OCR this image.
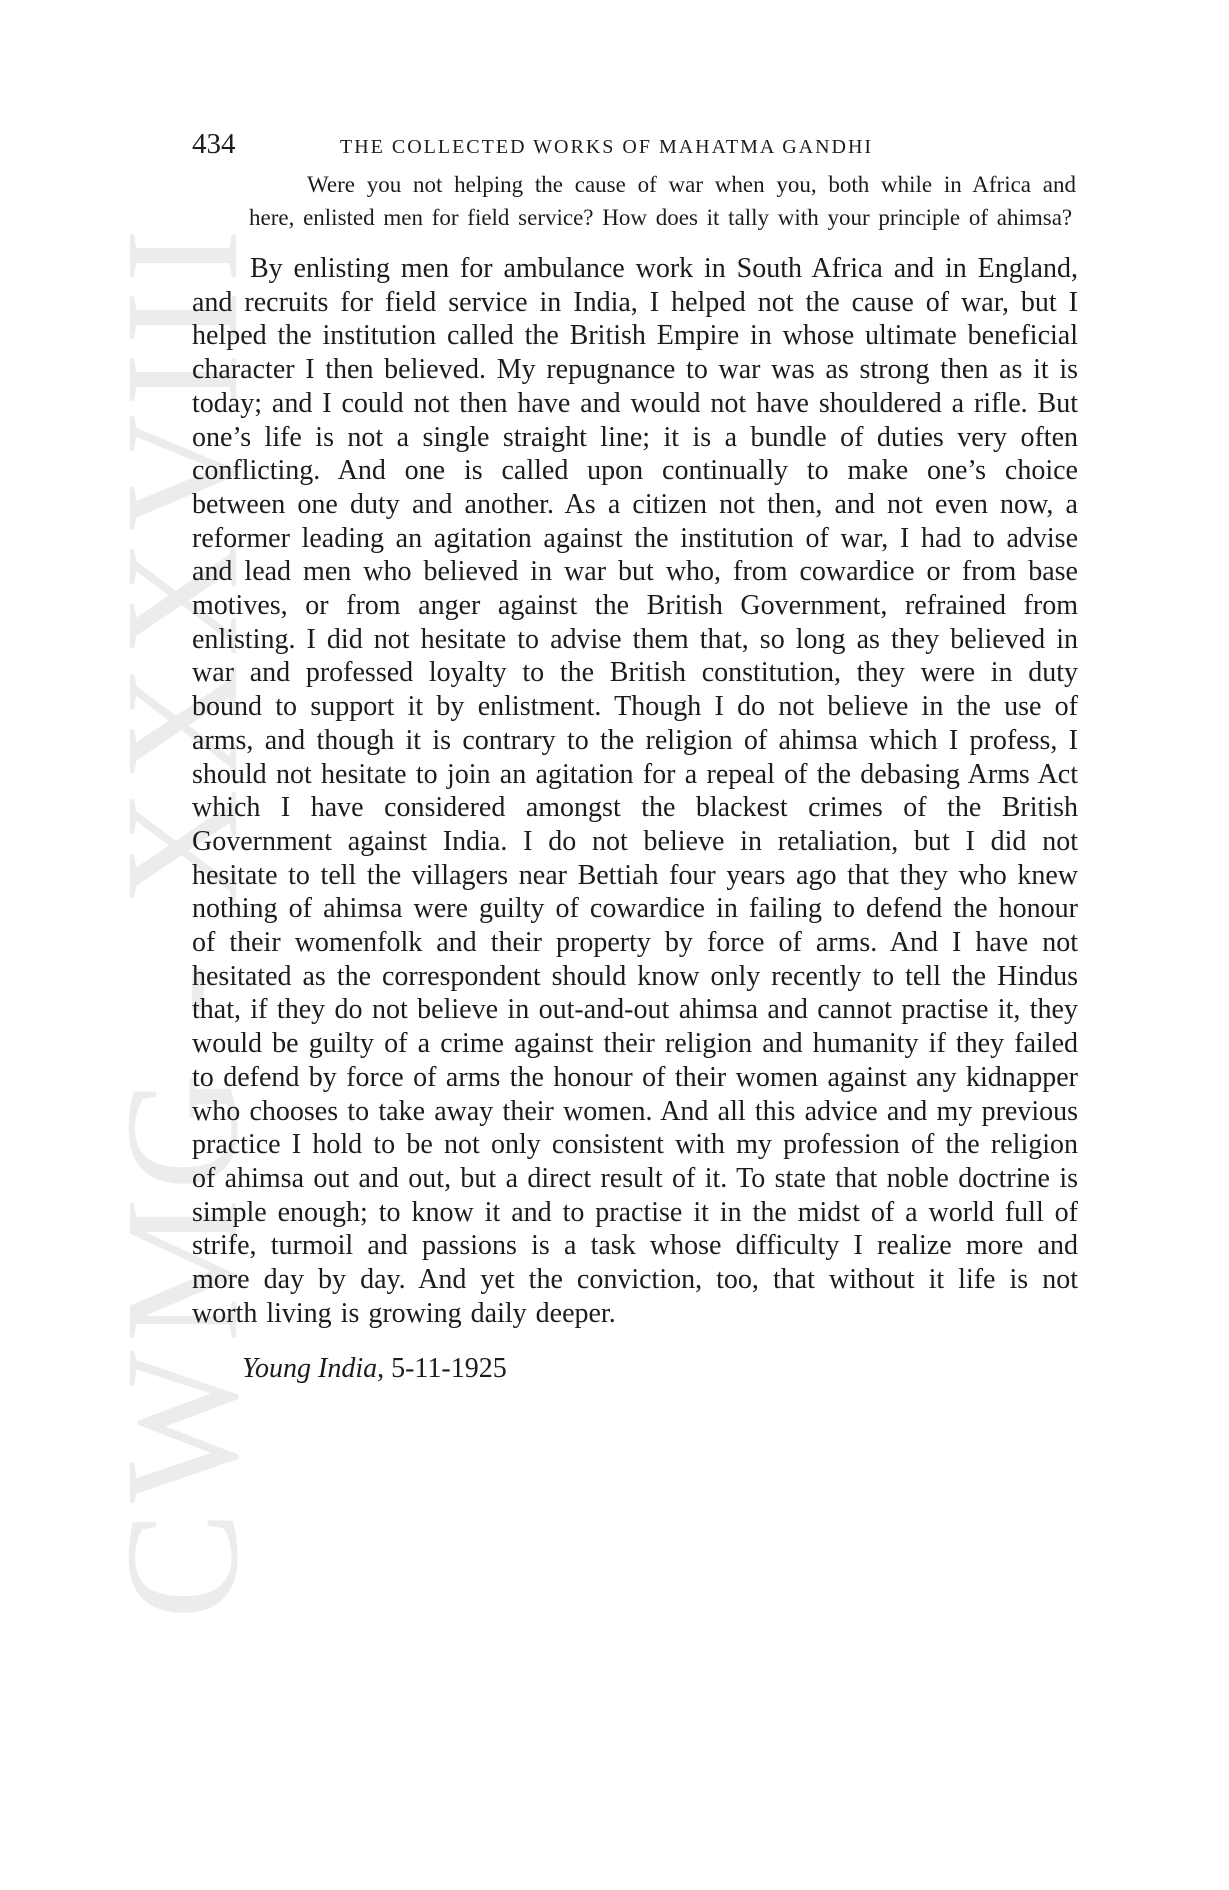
CWMG - XXXVIII
434	THE COLLECTED WORKS OF MAHATMA GANDHI

Were you not helping the cause of war when you, both while in Africa and here, enlisted men for field service? How does it tally with your principle of ahimsa?

By enlisting men for ambulance work in South Africa and in England, and recruits for field service in India, I helped not the cause of war, but I helped the institution called the British Empire in whose ultimate beneficial character I then believed. My repugnance to war was as strong then as it is today; and I could not then have and would not have shouldered a rifle. But one’s life is not a single straight line; it is a bundle of duties very often conflicting. And one is called upon continually to make one’s choice between one duty and another. As a citizen not then, and not even now, a reformer leading an agitation against the institution of war, I had to advise and lead men who believed in war but who, from cowardice or from base motives, or from anger against the British Government, refrained from enlisting. I did not hesitate to advise them that, so long as they believed in war and professed loyalty to the British constitution, they were in duty bound to support it by enlistment. Though I do not believe in the use of arms, and though it is contrary to the religion of ahimsa which I profess, I should not hesitate to join an agitation for a repeal of the debasing Arms Act which I have considered amongst the blackest crimes of the British Government against India. I do not believe in retaliation, but I did not hesitate to tell the villagers near Bettiah four years ago that they who knew nothing of ahimsa were guilty of cowardice in failing to defend the honour of their womenfolk and their property by force of arms. And I have not hesitated as the correspondent should know only recently to tell the Hindus that, if they do not believe in out-and-out ahimsa and cannot practise it, they would be guilty of a crime against their religion and humanity if they failed to defend by force of arms the honour of their women against any kidnapper who chooses to take away their women. And all this advice and my previous practice I hold to be not only consistent with my profession of the religion of ahimsa out and out, but a direct result of it. To state that noble doctrine is simple enough; to know it and to practise it in the midst of a world full of strife, turmoil and passions is a task whose difficulty I realize more and more day by day. And yet the conviction, too, that without it life is not worth living is growing daily deeper.

Young India, 5-11-1925
